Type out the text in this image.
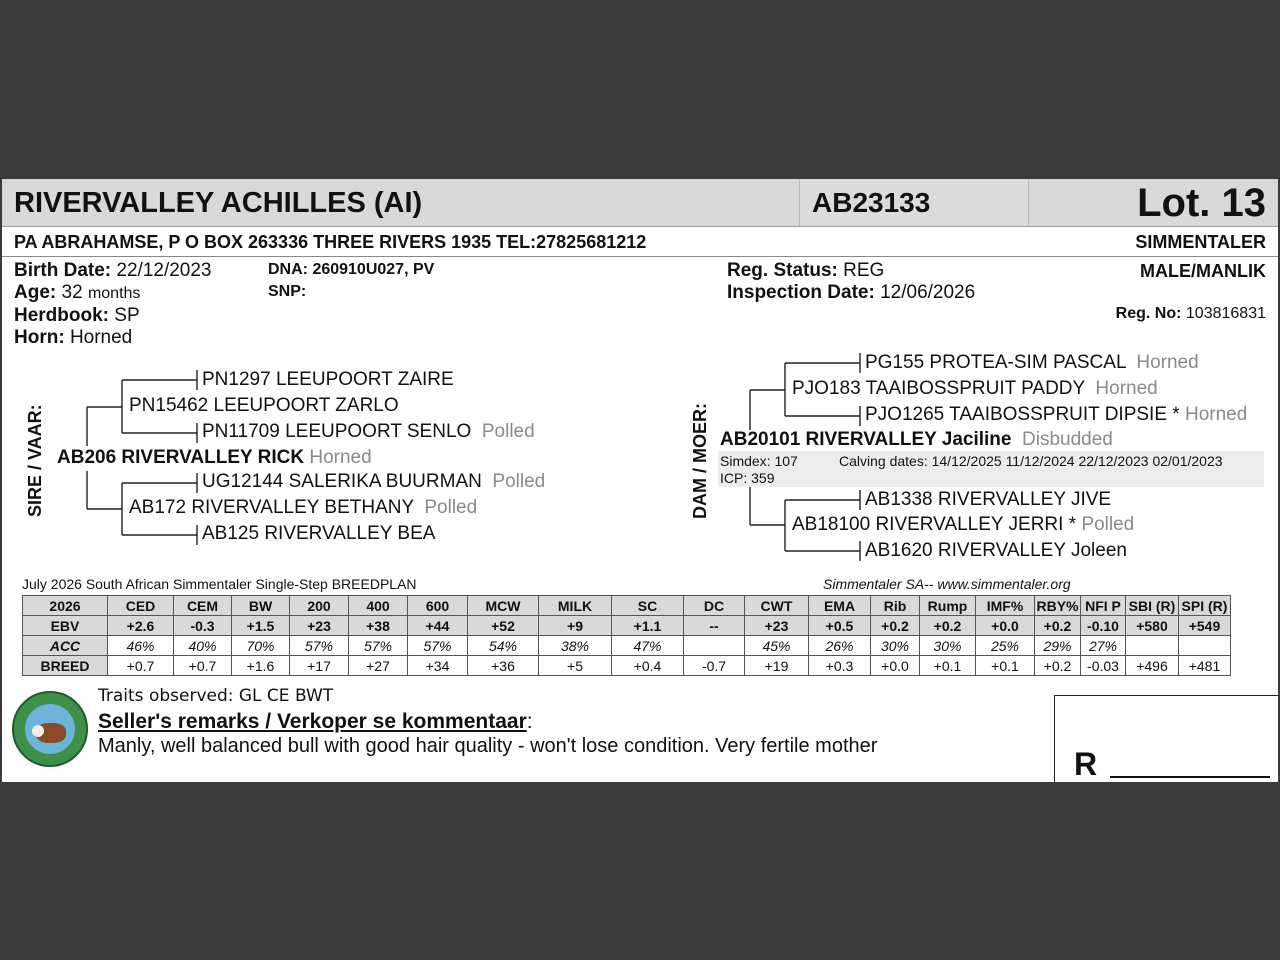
RIVERVALLEY ACHILLES (AI)	AB23133	Lot. 13
PA ABRAHAMSE, P O BOX 263336 THREE RIVERS 1935 TEL:27825681212	SIMMENTALER
Birth Date: 22/12/2023
Age: 32 months
Herdbook: SP
Horn: Horned
DNA: 260910U027, PV
SNP:
Reg. Status: REG
Inspection Date: 12/06/2026
MALE/MANLIK
Reg. No: 103816831
SIRE / VAAR:
PN1297 LEEUPOORT ZAIRE
PN15462 LEEUPOORT ZARLO
PN11709 LEEUPOORT SENLO Polled
AB206 RIVERVALLEY RICK Horned
UG12144 SALERIKA BUURMAN Polled
AB172 RIVERVALLEY BETHANY Polled
AB125 RIVERVALLEY BEA
DAM / MOER:
PG155 PROTEA-SIM PASCAL Horned
PJO183 TAAIBOSSPRUIT PADDY Horned
PJO1265 TAAIBOSSPRUIT DIPSIE * Horned
AB20101 RIVERVALLEY Jaciline Disbudded
Simdex: 107	Calving dates: 14/12/2025 11/12/2024 22/12/2023 02/01/2023
ICP: 359
AB1338 RIVERVALLEY JIVE
AB18100 RIVERVALLEY JERRI * Polled
AB1620 RIVERVALLEY Joleen
July 2026 South African Simmentaler Single-Step BREEDPLAN	Simmentaler SA-- www.simmentaler.org
2026	CED	CEM	BW	200	400	600	MCW	MILK	SC	DC	CWT	EMA	Rib	Rump	IMF%	RBY%	NFI P	SBI (R)	SPI (R)
EBV	+2.6	-0.3	+1.5	+23	+38	+44	+52	+9	+1.1	--	+23	+0.5	+0.2	+0.2	+0.0	+0.2	-0.10	+580	+549
ACC	46%	40%	70%	57%	57%	57%	54%	38%	47%		45%	26%	30%	30%	25%	29%	27%		
BREED	+0.7	+0.7	+1.6	+17	+27	+34	+36	+5	+0.4	-0.7	+19	+0.3	+0.0	+0.1	+0.1	+0.2	-0.03	+496	+481
Traits observed: GL CE BWT
Seller's remarks / Verkoper se kommentaar:
Manly, well balanced bull with good hair quality - won't lose condition. Very fertile mother	R
